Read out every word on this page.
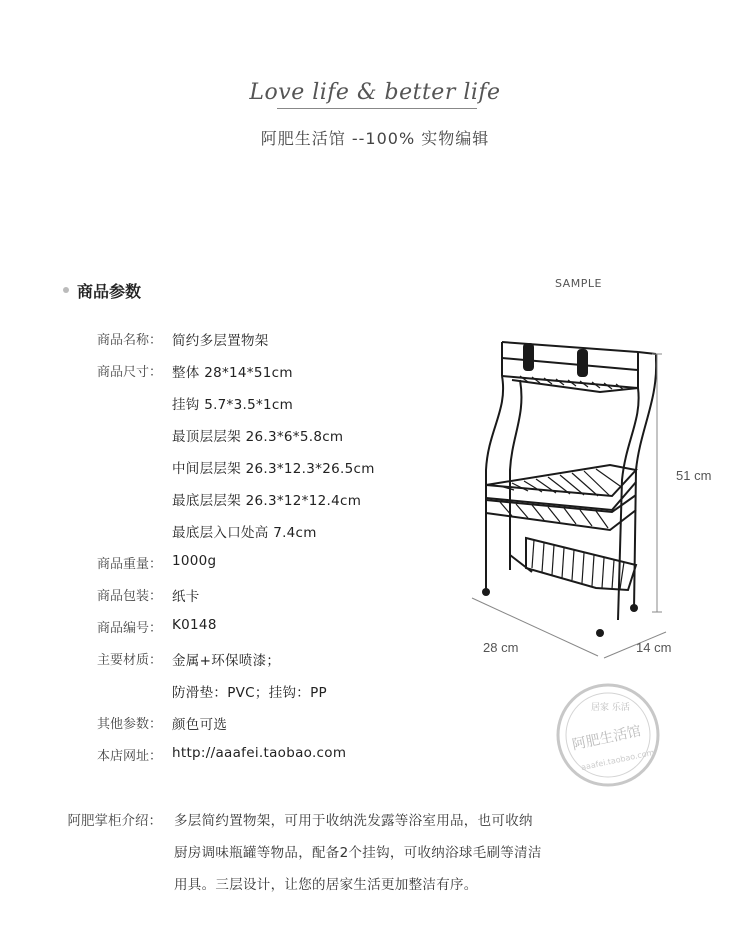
Love life & better life
阿肥生活馆 --100% 实物编辑
商品参数
商品名称： 简约多层置物架
商品尺寸： 整体 28*14*51cm
挂钩 5.7*3.5*1cm
最顶层层架 26.3*6*5.8cm
中间层层架 26.3*12.3*26.5cm
最底层层架 26.3*12*12.4cm
最底层入口处高 7.4cm
商品重量： 1000g
商品包装： 纸卡
商品编号： K0148
主要材质： 金属+环保喷漆；
防滑垫：PVC；挂钩：PP
其他参数： 颜色可选
本店网址： http://aaafei.taobao.com
SAMPLE
51 cm
28 cm	14 cm
居家 乐活
阿肥生活馆
aaafei.taobao.com
阿肥掌柜介绍： 多层简约置物架，可用于收纳洗发露等浴室用品，也可收纳
厨房调味瓶罐等物品，配备2个挂钩，可收纳浴球毛刷等清洁
用具。三层设计，让您的居家生活更加整洁有序。
